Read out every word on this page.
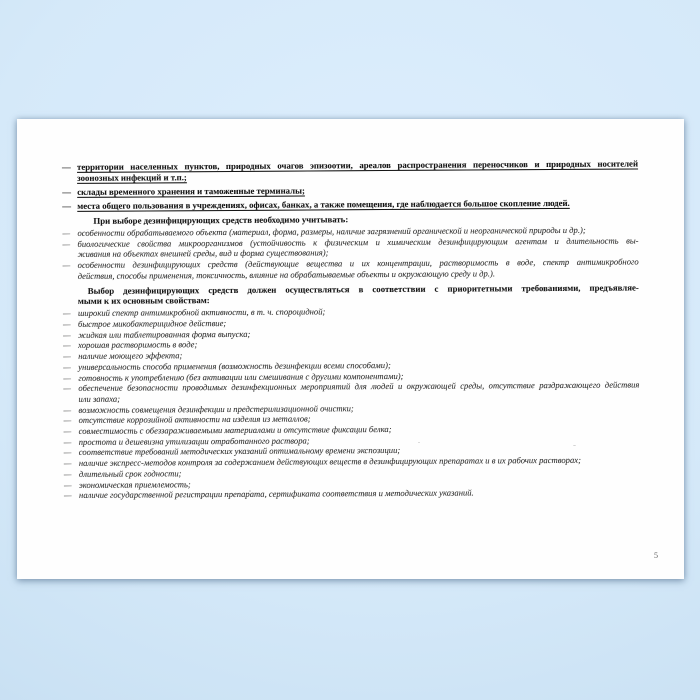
— территории населенных пунктов, природных очагов эпизоотии, ареалов распространения переносчиков и природных носителей
зоонозных инфекций и т.п.;
— склады временного хранения и таможенные терминалы;
— места общего пользования в учреждениях, офисах, банках, а также помещения, где наблюдается большое скопление людей.
При выборе дезинфицирующих средств необходимо учитывать:
— особенности обрабатываемого объекта (материал, форма, размеры, наличие загрязнений органической и неорганической природы и др.);
— биологические свойства микроорганизмов (устойчивость к физическим и химическим дезинфицирующим агентам и длительность вы-
живания на объектах внешней среды, вид и форма существования);
— особенности дезинфицирующих средств (действующие вещества и их концентрации, растворимость в воде, спектр антимикробного
действия, способы применения, токсичность, влияние на обрабатываемые объекты и окружающую среду и др.).
Выбор дезинфицирующих средств должен осуществляться в соответствии с приоритетными требованиями, предъявляе-
мыми к их основным свойствам:
— широкий спектр антимикробной активности, в т. ч. спороцидной;
— быстрое микобактерицидное действие;
— жидкая или таблетированная форма выпуска;
— хорошая растворимость в воде;
— наличие моющего эффекта;
— универсальность способа применения (возможность дезинфекции всеми способами);
— готовность к употреблению (без активации или смешивания с другими компонентами);
— обеспечение безопасности проводимых дезинфекционных мероприятий для людей и окружающей среды, отсутствие раздражающего действия
или запаха;
— возможность совмещения дезинфекции и предстерилизационной очистки;
— отсутствие коррозийной активности на изделия из металлов;
— совместимость с обеззараживаемыми материалами и отсутствие фиксации белка;
— простота и дешевизна утилизации отработанного раствора;
— соответствие требований методических указаний оптимальному времени экспозиции;
— наличие экспресс-методов контроля за содержанием действующих веществ в дезинфицирующих препаратах и в их рабочих растворах;
— длительный срок годности;
— экономическая приемлемость;
— наличие государственной регистрации препарата, сертификата соответствия и методических указаний.
5
